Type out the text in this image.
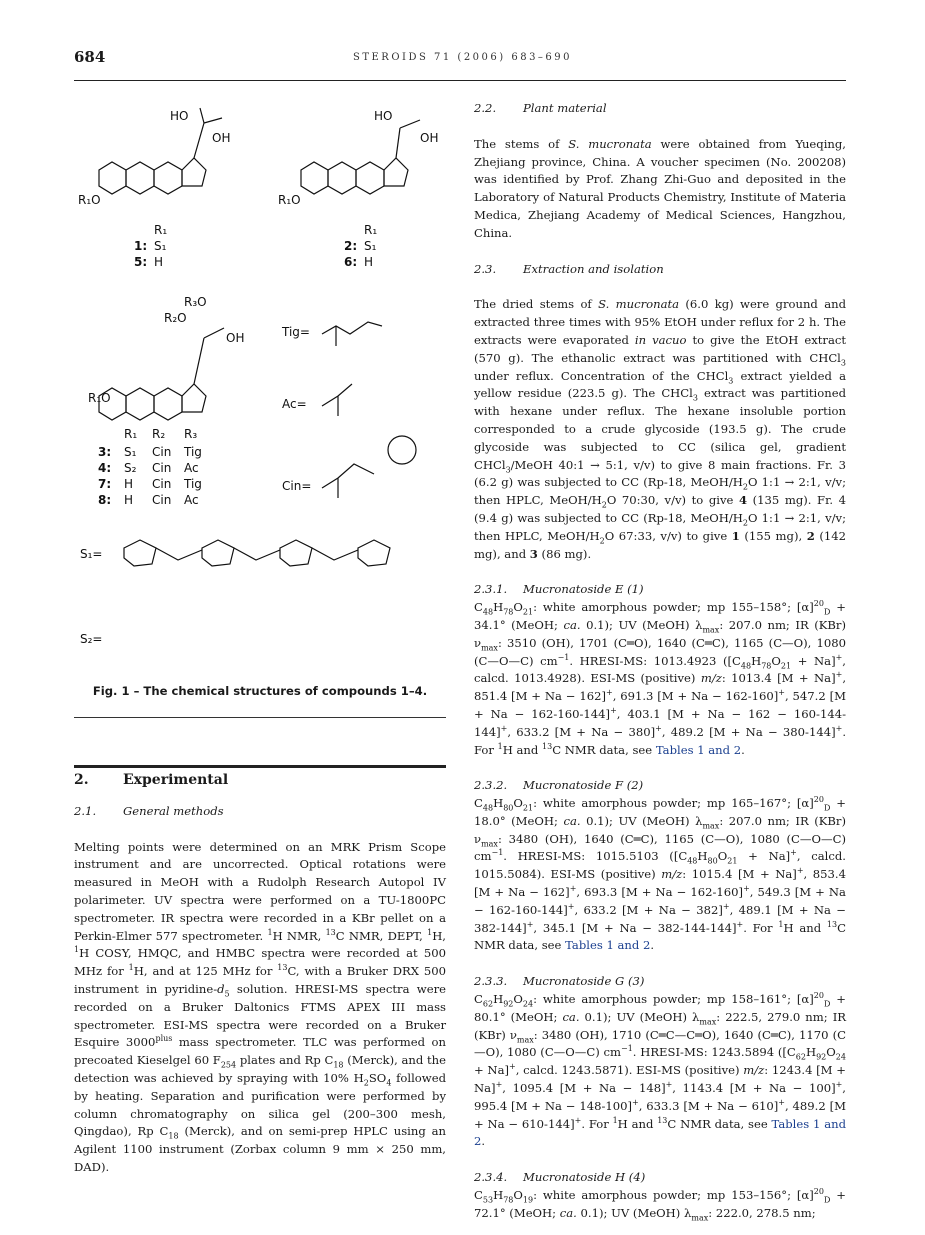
684	STEROIDS 71 (2006) 683–690
HO
OH
R₁O
HO
OH
R₁O
R₁
1: S₁
5: H
R₁
2: S₁
6: H
R₃O
R₂O
OH
R₁O
Tig=
Ac=
Cin=
R₁ R₂ R₃
3: S₁ Cin Tig
4: S₂ Cin Ac
7: H Cin Tig
8: H Cin Ac
S₁=
S₂=
Fig. 1 – The chemical structures of compounds 1–4.
2. Experimental
2.1. General methods

Melting points were determined on an MRK Prism Scope instrument and are uncorrected. Optical rotations were measured in MeOH with a Rudolph Research Autopol IV polarimeter. UV spectra were performed on a TU-1800PC spectrometer. IR spectra were recorded in a KBr pellet on a Perkin-Elmer 577 spectrometer. $^1$H NMR, $^{13}$C NMR, DEPT, $^1$H, $^1$H COSY, HMQC, and HMBC spectra were recorded at 500 MHz for $^1$H, and at 125 MHz for $^{13}$C, with a Bruker DRX 500 instrument in pyridine-$d_5$ solution. HRESI-MS spectra were recorded on a Bruker Daltonics FTMS APEX III mass spectrometer. ESI-MS spectra were recorded on a Bruker Esquire $3000^{plus}$ mass spectrometer. TLC was performed on precoated Kieselgel 60 $F_{254}$ plates and Rp $C_{18}$ (Merck), and the detection was achieved by spraying with 10% $H_2SO_4$ followed by heating. Separation and purification were performed by column chromatography on silica gel (200–300 mesh, Qingdao), Rp $C_{18}$ (Merck), and on semi-prep HPLC using an Agilent 1100 instrument (Zorbax column 9 mm × 250 mm, DAD).

2.2. Plant material

The stems of S. mucronata were obtained from Yueqing, Zhejiang province, China. A voucher specimen (No. 200208) was identified by Prof. Zhang Zhi-Guo and deposited in the Laboratory of Natural Products Chemistry, Institute of Materia Medica, Zhejiang Academy of Medical Sciences, Hangzhou, China.

2.3. Extraction and isolation

The dried stems of S. mucronata (6.0 kg) were ground and extracted three times with 95% EtOH under reflux for 2 h. The extracts were evaporated in vacuo to give the EtOH extract (570 g). The ethanolic extract was partitioned with CHCl$_3$ under reflux. Concentration of the CHCl$_3$ extract yielded a yellow residue (223.5 g). The CHCl$_3$ extract was partitioned with hexane under reflux. The hexane insoluble portion corresponded to a crude glycoside (193.5 g). The crude glycoside was subjected to CC (silica gel, gradient CHCl$_3$/MeOH 40:1 → 5:1, v/v) to give 8 main fractions. Fr. 3 (6.2 g) was subjected to CC (Rp-18, MeOH/$H_2O$ 1:1 → 2:1, v/v; then HPLC, MeOH/$H_2O$ 70:30, v/v) to give 4 (135 mg). Fr. 4 (9.4 g) was subjected to CC (Rp-18, MeOH/$H_2O$ 1:1 → 2:1, v/v; then HPLC, MeOH/$H_2O$ 67:33, v/v) to give 1 (155 mg), 2 (142 mg), and 3 (86 mg).

2.3.1. Mucronatoside E (1)

$C_{48}H_{78}O_{21}$: white amorphous powder; mp 155–158°; $[\alpha]^{20}_D + 34.1^\circ$ (MeOH; ca. 0.1); UV (MeOH) $\lambda_{max}$: 207.0 nm; IR (KBr) $\nu_{max}$: 3510 (OH), 1701 (C═O), 1640 (C═C), 1165 (C—O), 1080 (C—O—C) $cm^{-1}$. HRESI-MS: 1013.4923 ($[C_{48}H_{78}O_{21} + Na]^+$, calcd. 1013.4928). ESI-MS (positive) m/z: 1013.4 [M + Na]+, 851.4 [M + Na − 162]+, 691.3 [M + Na − 162-160]+, 547.2 [M + Na − 162-160-144]+, 403.1 [M + Na − 162 − 160-144-144]+, 633.2 [M + Na − 380]+, 489.2 [M + Na − 380-144]+. For $^1$H and $^{13}$C NMR data, see Tables 1 and 2.

2.3.2. Mucronatoside F (2)

$C_{48}H_{80}O_{21}$: white amorphous powder; mp 165–167°; $[\alpha]^{20}_D + 18.0^\circ$ (MeOH; ca. 0.1); UV (MeOH) $\lambda_{max}$: 207.0 nm; IR (KBr) $\nu_{max}$: 3480 (OH), 1640 (C═C), 1165 (C—O), 1080 (C—O—C) $cm^{-1}$. HRESI-MS: 1015.5103 ($[C_{48}H_{80}O_{21} + Na]^+$, calcd. 1015.5084). ESI-MS (positive) m/z: 1015.4 [M + Na]+, 853.4 [M + Na − 162]+, 693.3 [M + Na − 162-160]+, 549.3 [M + Na − 162-160-144]+, 633.2 [M + Na − 382]+, 489.1 [M + Na − 382-144]+, 345.1 [M + Na − 382-144-144]+. For $^1$H and $^{13}$C NMR data, see Tables 1 and 2.

2.3.3. Mucronatoside G (3)

$C_{62}H_{92}O_{24}$: white amorphous powder; mp 158–161°; $[\alpha]^{20}_D + 80.1^\circ$ (MeOH; ca. 0.1); UV (MeOH) $\lambda_{max}$: 222.5, 279.0 nm; IR (KBr) $\nu_{max}$: 3480 (OH), 1710 (C═C—C═O), 1640 (C═C), 1170 (C—O), 1080 (C—O—C) $cm^{-1}$. HRESI-MS: 1243.5894 ($[C_{62}H_{92}O_{24} + Na]^+$, calcd. 1243.5871). ESI-MS (positive) m/z: 1243.4 [M + Na]+, 1095.4 [M + Na − 148]+, 1143.4 [M + Na − 100]+, 995.4 [M + Na − 148-100]+, 633.3 [M + Na − 610]+, 489.2 [M + Na − 610-144]+. For $^1$H and $^{13}$C NMR data, see Tables 1 and 2.

2.3.4. Mucronatoside H (4)

$C_{53}H_{78}O_{19}$: white amorphous powder; mp 153–156°; $[\alpha]^{20}_D + 72.1^\circ$ (MeOH; ca. 0.1); UV (MeOH) $\lambda_{max}$: 222.0, 278.5 nm;
